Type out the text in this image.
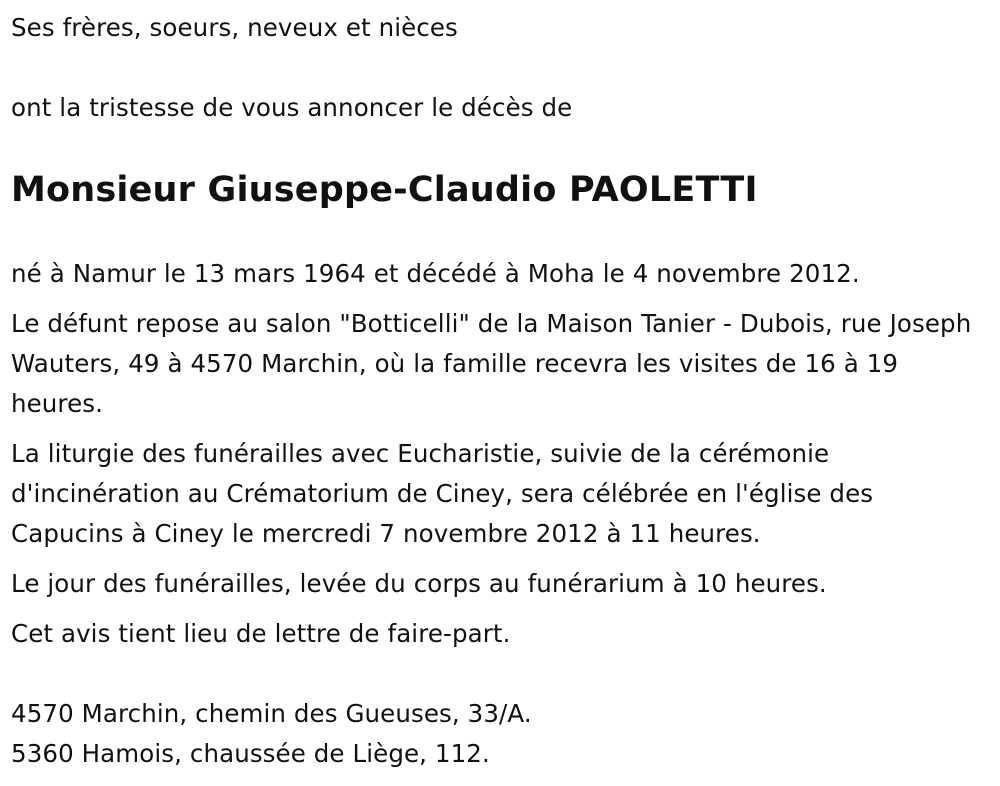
Ses frères, soeurs, neveux et nièces

ont la tristesse de vous annoncer le décès de

Monsieur Giuseppe-Claudio PAOLETTI

né à Namur le 13 mars 1964 et décédé à Moha le 4 novembre 2012.

Le défunt repose au salon "Botticelli" de la Maison Tanier - Dubois, rue Joseph Wauters, 49 à 4570 Marchin, où la famille recevra les visites de 16 à 19 heures.

La liturgie des funérailles avec Eucharistie, suivie de la cérémonie d'incinération au Crématorium de Ciney, sera célébrée en l'église des Capucins à Ciney le mercredi 7 novembre 2012 à 11 heures.

Le jour des funérailles, levée du corps au funérarium à 10 heures.

Cet avis tient lieu de lettre de faire-part.

4570 Marchin, chemin des Gueuses, 33/A.

5360 Hamois, chaussée de Liège, 112.
